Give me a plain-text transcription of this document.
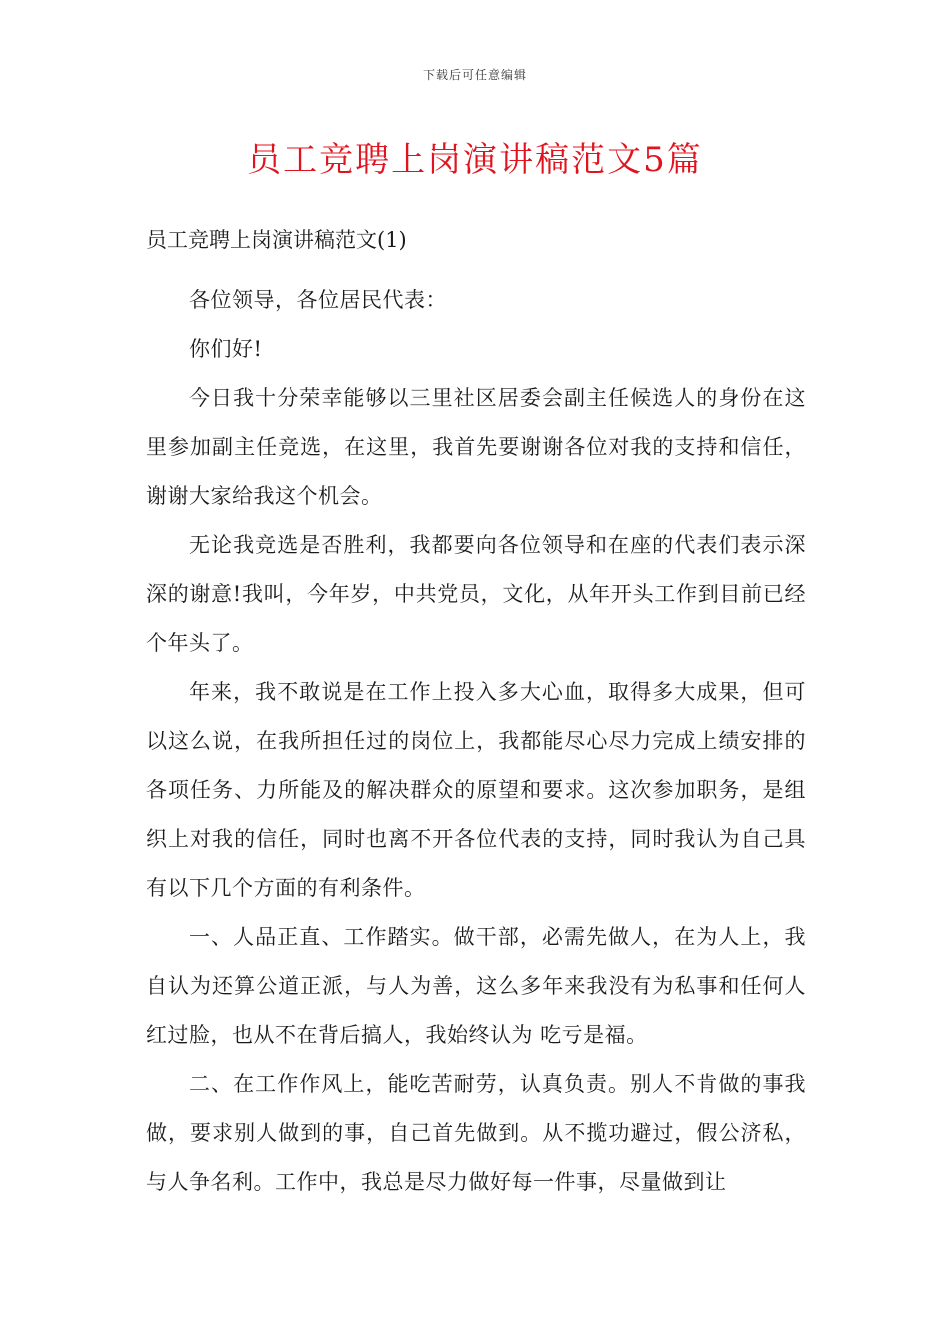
下载后可任意编辑
员工竞聘上岗演讲稿范文5篇
员工竞聘上岗演讲稿范文(1)

各位领导，各位居民代表：

你们好!

今日我十分荣幸能够以三里社区居委会副主任候选人的身份在这里参加副主任竞选，在这里，我首先要谢谢各位对我的支持和信任，谢谢大家给我这个机会。

无论我竞选是否胜利，我都要向各位领导和在座的代表们表示深深的谢意!我叫，今年岁，中共党员，文化，从年开头工作到目前已经个年头了。

年来，我不敢说是在工作上投入多大心血，取得多大成果，但可以这么说，在我所担任过的岗位上，我都能尽心尽力完成上绩安排的各项任务、力所能及的解决群众的原望和要求。这次参加职务，是组织上对我的信任，同时也离不开各位代表的支持，同时我认为自己具有以下几个方面的有利条件。

一、人品正直、工作踏实。做干部，必需先做人，在为人上，我自认为还算公道正派，与人为善，这么多年来我没有为私事和任何人红过脸，也从不在背后搞人，我始终认为 吃亏是福。

二、在工作作风上，能吃苦耐劳，认真负责。别人不肯做的事我做，要求别人做到的事，自己首先做到。从不揽功避过，假公济私，与人争名利。工作中，我总是尽力做好每一件事，尽量做到让
